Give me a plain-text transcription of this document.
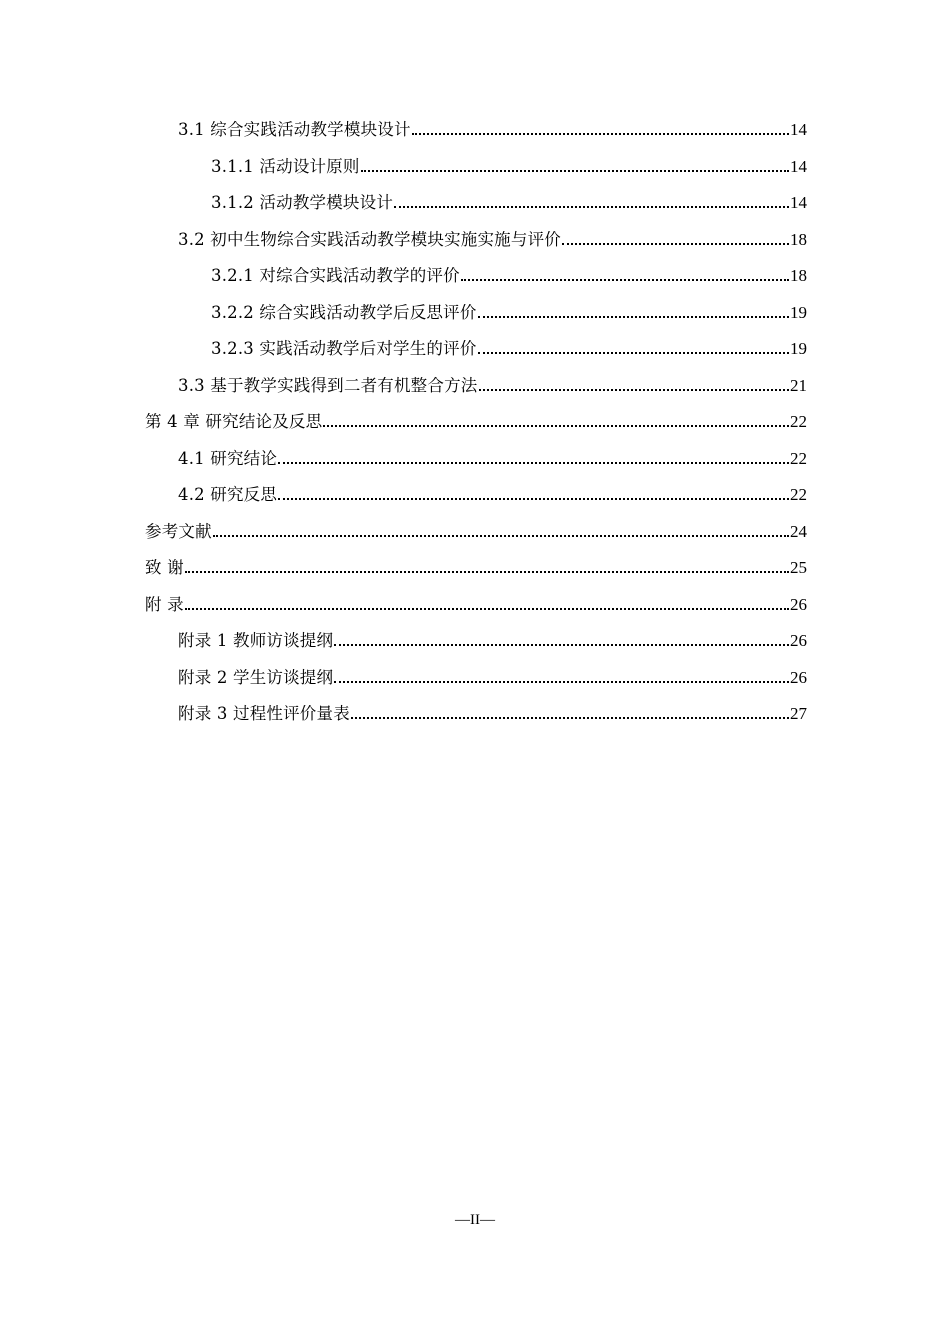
3.1 综合实践活动教学模块设计	14
3.1.1 活动设计原则	14
3.1.2 活动教学模块设计	14
3.2 初中生物综合实践活动教学模块实施实施与评价	18
3.2.1 对综合实践活动教学的评价	18
3.2.2 综合实践活动教学后反思评价	19
3.2.3 实践活动教学后对学生的评价	19
3.3 基于教学实践得到二者有机整合方法	21
第 4 章 研究结论及反思	22
4.1 研究结论	22
4.2 研究反思	22
参考文献	24
致 谢	25
附 录	26
附录 1 教师访谈提纲	26
附录 2 学生访谈提纲	26
附录 3 过程性评价量表	27
—II—
